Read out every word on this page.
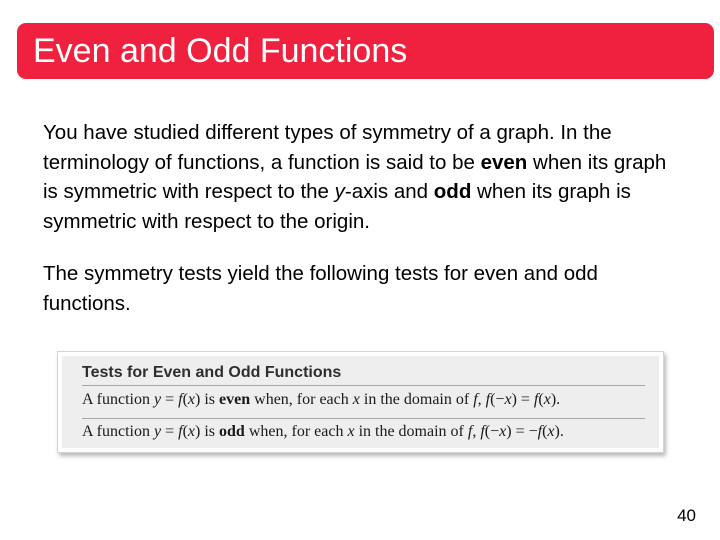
Even and Odd Functions
You have studied different types of symmetry of a graph. In the terminology of functions, a function is said to be even when its graph is symmetric with respect to the y-axis and odd when its graph is symmetric with respect to the origin.
The symmetry tests yield the following tests for even and odd functions.
Tests for Even and Odd Functions
A function y = f(x) is even when, for each x in the domain of f, f(−x) = f(x).
A function y = f(x) is odd when, for each x in the domain of f, f(−x) = −f(x).
40
